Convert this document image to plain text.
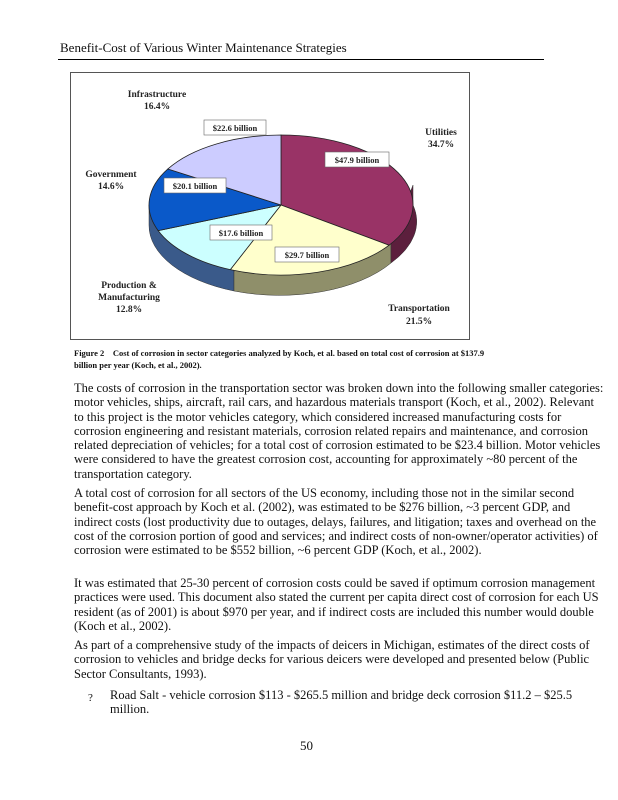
Benefit-Cost of Various Winter Maintenance Strategies
$22.6 billion
$47.9 billion
$20.1 billion
$17.6 billion
$29.7 billion
Infrastructure
16.4%
Government
14.6%
Production &
Manufacturing
12.8%
Utilities
34.7%
Transportation
21.5%
Figure 2 Cost of corrosion in sector categories analyzed by Koch, et al. based on total cost of corrosion at $137.9 billion per year (Koch, et al., 2002).

The costs of corrosion in the transportation sector was broken down into the following smaller categories: motor vehicles, ships, aircraft, rail cars, and hazardous materials transport (Koch, et al., 2002). Relevant to this project is the motor vehicles category, which considered increased manufacturing costs for corrosion engineering and resistant materials, corrosion related repairs and maintenance, and corrosion related depreciation of vehicles; for a total cost of corrosion estimated to be $23.4 billion. Motor vehicles were considered to have the greatest corrosion cost, accounting for approximately ~80 percent of the transportation category.

A total cost of corrosion for all sectors of the US economy, including those not in the similar second benefit-cost approach by Koch et al. (2002), was estimated to be $276 billion, ~3 percent GDP, and indirect costs (lost productivity due to outages, delays, failures, and litigation; taxes and overhead on the cost of the corrosion portion of good and services; and indirect costs of non-owner/operator activities) of corrosion were estimated to be $552 billion, ~6 percent GDP (Koch, et al., 2002).

It was estimated that 25-30 percent of corrosion costs could be saved if optimum corrosion management practices were used. This document also stated the current per capita direct cost of corrosion for each US resident (as of 2001) is about $970 per year, and if indirect costs are included this number would double (Koch et al., 2002).

As part of a comprehensive study of the impacts of deicers in Michigan, estimates of the direct costs of corrosion to vehicles and bridge decks for various deicers were developed and presented below (Public Sector Consultants, 1993).

? Road Salt - vehicle corrosion $113 - $265.5 million and bridge deck corrosion $11.2 – $25.5 million.
50
